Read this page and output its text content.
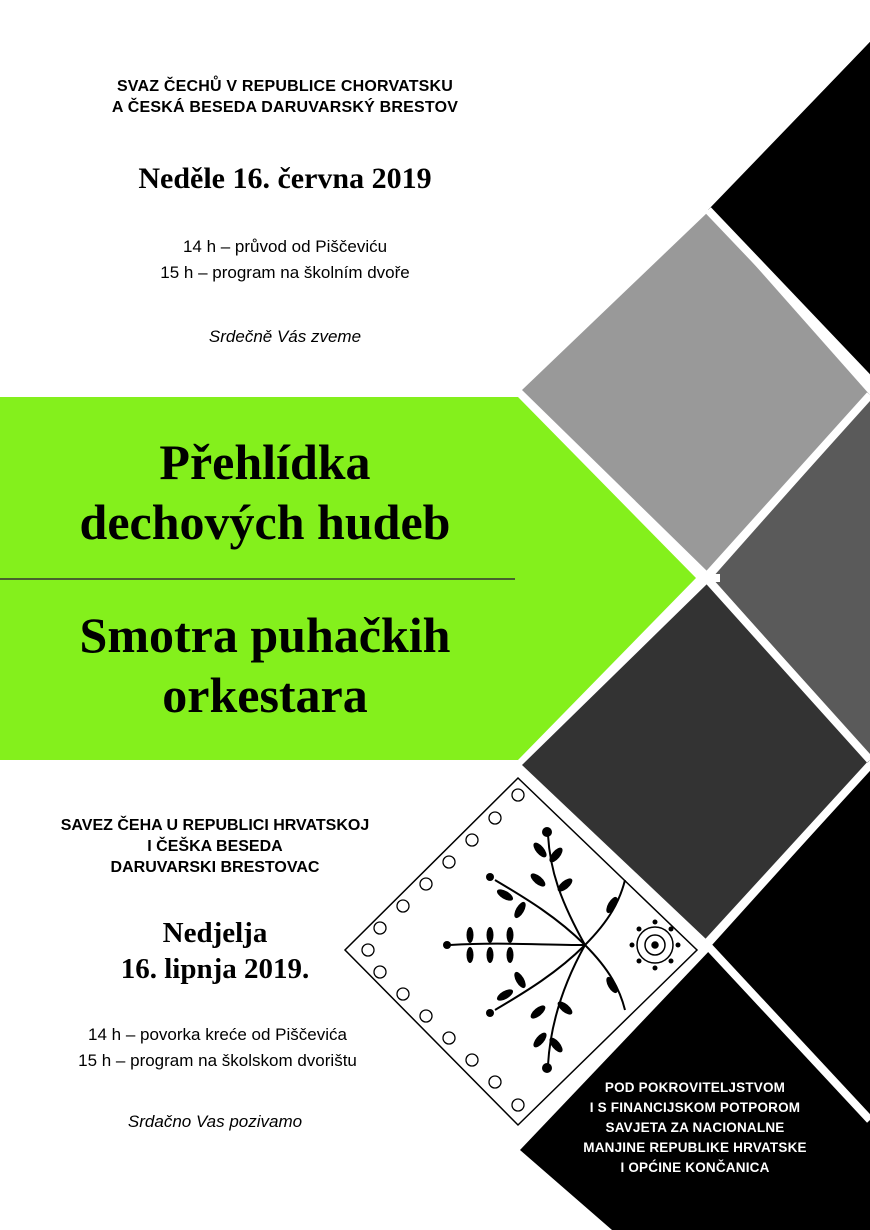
SVAZ ČECHŮ V REPUBLICE CHORVATSKU
A ČESKÁ BESEDA DARUVARSKÝ BRESTOV
Neděle 16. června 2019
14 h – průvod od Piščeviću
15 h – program na školním dvoře
Srdečně Vás zveme
Přehlídka
dechových hudeb
Smotra puhačkih
orkestara
SAVEZ ČEHA U REPUBLICI HRVATSKOJ
I ČEŠKA BESEDA
DARUVARSKI BRESTOVAC
Nedjelja
16. lipnja 2019.
14 h – povorka kreće od Piščevića
15 h – program na školskom dvorištu
Srdačno Vas pozivamo
POD POKROVITELJSTVOM
I S FINANCIJSKOM POTPOROM
SAVJETA ZA NACIONALNE
MANJINE REPUBLIKE HRVATSKE
I OPĆINE KONČANICA
